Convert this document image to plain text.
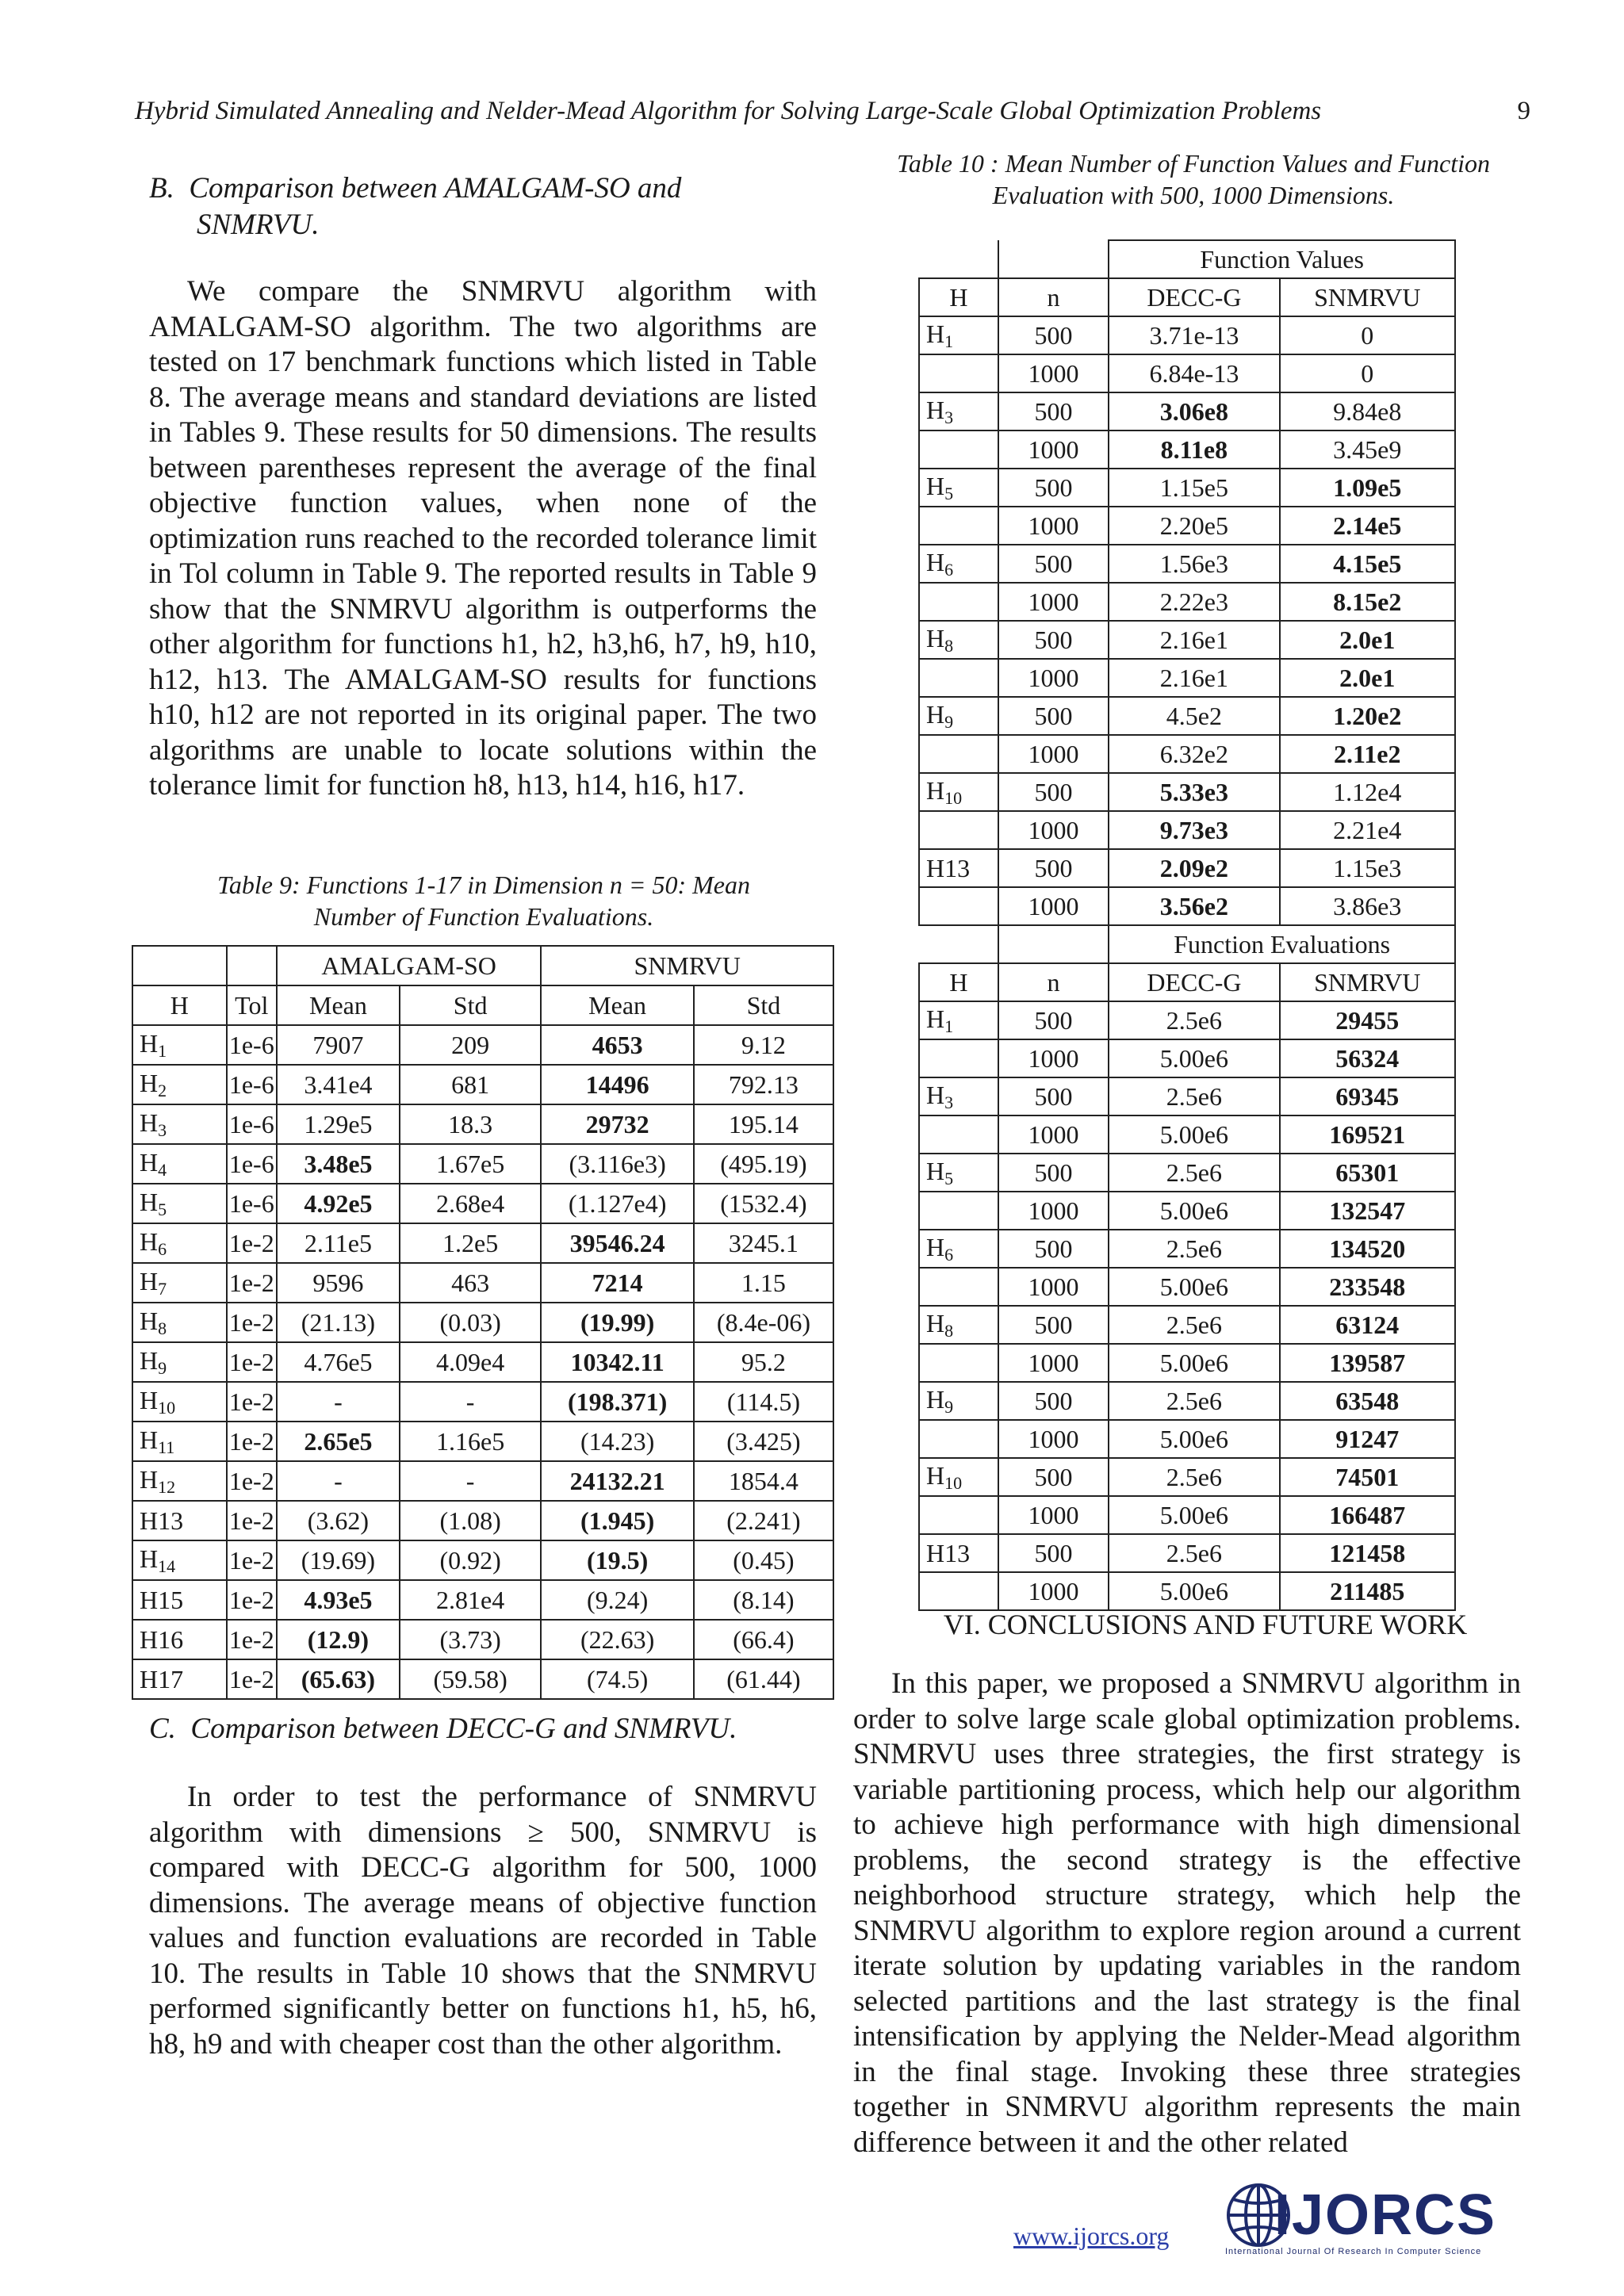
Hybrid Simulated Annealing and Nelder-Mead Algorithm for Solving Large-Scale Global Optimization Problems	9
B.  Comparison between AMALGAM-SO and
SNMRVU.

We compare the SNMRVU algorithm with AMALGAM-SO algorithm. The two algorithms are tested on 17 benchmark functions which listed in Table 8. The average means and standard deviations are listed in Tables 9. These results for 50 dimensions. The results between parentheses represent the average of the final objective function values, when none of the optimization runs reached to the recorded tolerance limit in Tol column in Table 9. The reported results in Table 9 show that the SNMRVU algorithm is outperforms the other algorithm for functions h1, h2, h3,h6, h7, h9, h10, h12, h13. The AMALGAM-SO results for functions h10, h12 are not reported in its original paper. The two algorithms are unable to locate solutions within the tolerance limit for function h8, h13, h14, h16, h17.

Table 9: Functions 1-17 in Dimension n = 50: Mean
Number of Function Evaluations.
		AMALGAM-SO		SNMRVU	
H	Tol	Mean	Std	Mean	Std
$H_1$	1e-6	7907	209	4653	9.12
$H_2$	1e-6	3.41e4	681	14496	792.13
$H_3$	1e-6	1.29e5	18.3	29732	195.14
$H_4$	1e-6	3.48e5	1.67e5	(3.116e3)	(495.19)
$H_5$	1e-6	4.92e5	2.68e4	(1.127e4)	(1532.4)
$H_6$	1e-2	2.11e5	1.2e5	39546.24	3245.1
$H_7$	1e-2	9596	463	7214	1.15
$H_8$	1e-2	(21.13)	(0.03)	(19.99)	(8.4e-06)
$H_9$	1e-2	4.76e5	4.09e4	10342.11	95.2
$H_{10}$	1e-2	-	-	(198.371)	(114.5)
$H_{11}$	1e-2	2.65e5	1.16e5	(14.23)	(3.425)
$H_{12}$	1e-2	-	-	24132.21	1854.4
H13	1e-2	(3.62)	(1.08)	(1.945)	(2.241)
$H_{14}$	1e-2	(19.69)	(0.92)	(19.5)	(0.45)
H15	1e-2	4.93e5	2.81e4	(9.24)	(8.14)
H16	1e-2	(12.9)	(3.73)	(22.63)	(66.4)
H17	1e-2	(65.63)	(59.58)	(74.5)	(61.44)
C.  Comparison between DECC-G and SNMRVU.

In order to test the performance of SNMRVU algorithm with dimensions ≥ 500, SNMRVU is compared with DECC-G algorithm for 500, 1000 dimensions. The average means of objective function values and function evaluations are recorded in Table 10. The results in Table 10 shows that the SNMRVU performed significantly better on functions h1, h5, h6, h8, h9 and with cheaper cost than the other algorithm.

Table 10 : Mean Number of Function Values and Function
Evaluation with 500, 1000 Dimensions.
		Function Values	
H	n	DECC-G	SNMRVU
$H_1$	500	3.71e-13	0
	1000	6.84e-13	0
$H_3$	500	3.06e8	9.84e8
	1000	8.11e8	3.45e9
$H_5$	500	1.15e5	1.09e5
	1000	2.20e5	2.14e5
$H_6$	500	1.56e3	4.15e5
	1000	2.22e3	8.15e2
$H_8$	500	2.16e1	2.0e1
	1000	2.16e1	2.0e1
$H_9$	500	4.5e2	1.20e2
	1000	6.32e2	2.11e2
$H_{10}$	500	5.33e3	1.12e4
	1000	9.73e3	2.21e4
H13	500	2.09e2	1.15e3
	1000	3.56e2	3.86e3
		Function Evaluations	
H	n	DECC-G	SNMRVU
$H_1$	500	2.5e6	29455
	1000	5.00e6	56324
$H_3$	500	2.5e6	69345
	1000	5.00e6	169521
$H_5$	500	2.5e6	65301
	1000	5.00e6	132547
$H_6$	500	2.5e6	134520
	1000	5.00e6	233548
$H_8$	500	2.5e6	63124
	1000	5.00e6	139587
$H_9$	500	2.5e6	63548
	1000	5.00e6	91247
$H_{10}$	500	2.5e6	74501
	1000	5.00e6	166487
H13	500	2.5e6	121458
	1000	5.00e6	211485
VI. CONCLUSIONS AND FUTURE WORK

In this paper, we proposed a SNMRVU algorithm in order to solve large scale global optimization problems. SNMRVU uses three strategies, the first strategy is variable partitioning process, which help our algorithm to achieve high performance with high dimensional problems, the second strategy is the effective neighborhood structure strategy, which help the SNMRVU algorithm to explore region around a current iterate solution by updating variables in the random selected partitions and the last strategy is the final intensification by applying the Nelder-Mead algorithm in the final stage. Invoking these three strategies together in SNMRVU algorithm represents the main difference between it and the other related

www.ijorcs.org IJORCS
International Journal Of Research In Computer Science
